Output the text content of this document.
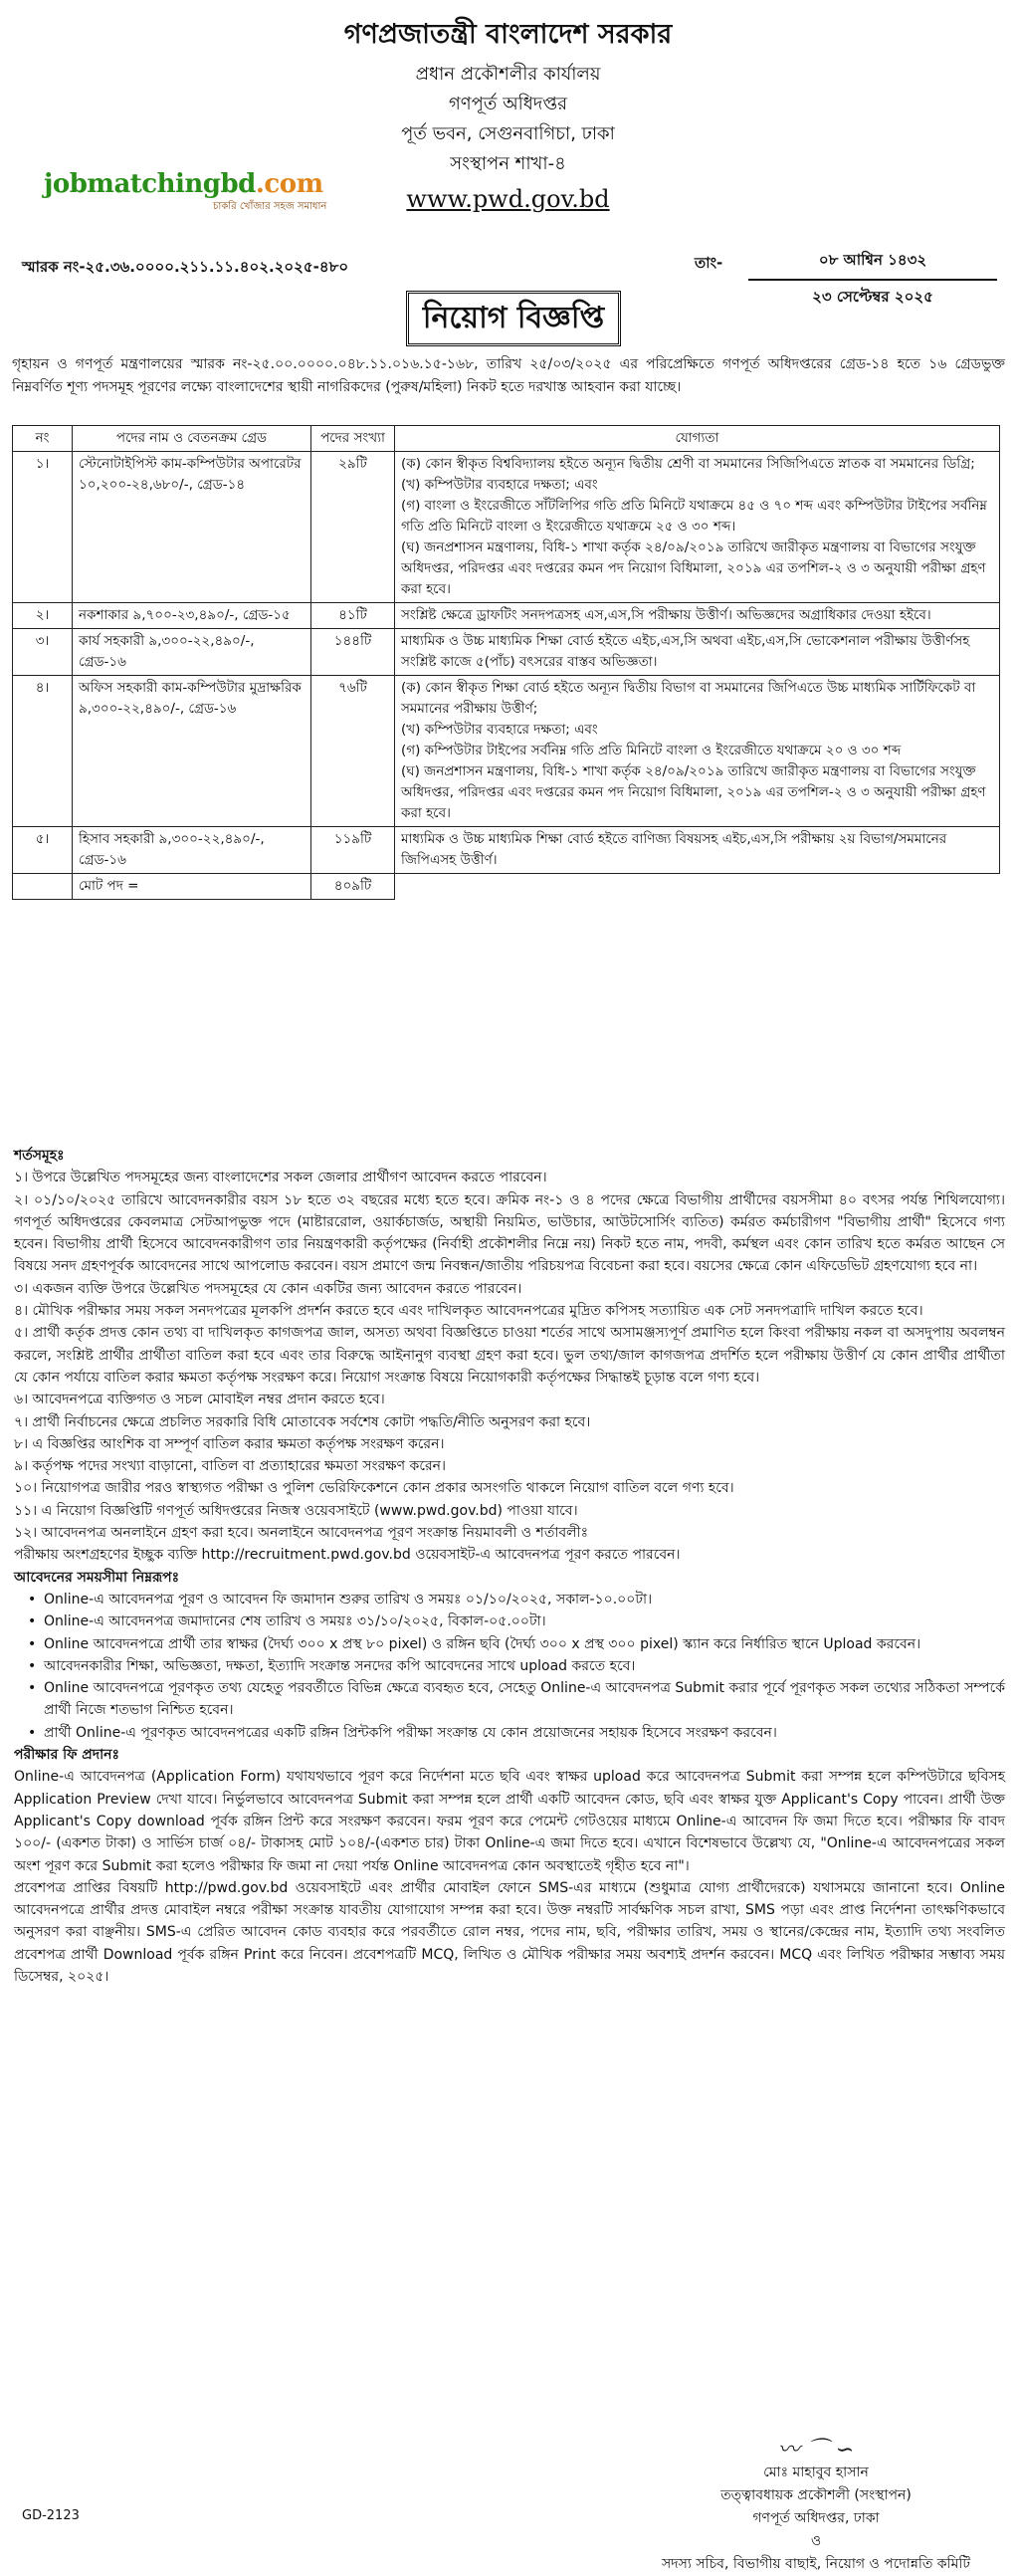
গণপ্রজাতন্ত্রী বাংলাদেশ সরকার
প্রধান প্রকৌশলীর কার্যালয়
গণপূর্ত অধিদপ্তর
পূর্ত ভবন, সেগুনবাগিচা, ঢাকা
সংস্থাপন শাখা-৪
www.pwd.gov.bd
jobmatchingbd.com
চাকরি খোঁজার সহজ সমাধান
স্মারক নং-২৫.৩৬.০০০০.২১১.১১.৪০২.২০২৫-৪৮০	তাং-	০৮ আশ্বিন ১৪৩২
২৩ সেপ্টেম্বর ২০২৫
নিয়োগ বিজ্ঞপ্তি
গৃহায়ন ও গণপূর্ত মন্ত্রণালয়ের স্মারক নং-২৫.০০.০০০০.০৪৮.১১.০১৬.১৫-১৬৮, তারিখ ২৫/০৩/২০২৫ এর পরিপ্রেক্ষিতে গণপূর্ত অধিদপ্তরের গ্রেড-১৪ হতে ১৬ গ্রেডভুক্ত নিম্নবর্ণিত শূণ্য পদসমূহ পূরণের লক্ষ্যে বাংলাদেশের স্থায়ী নাগরিকদের (পুরুষ/মহিলা) নিকট হতে দরখাস্ত আহবান করা যাচ্ছে।
নং	পদের নাম ও বেতনক্রম গ্রেড	পদের সংখ্যা	যোগ্যতা
১।	স্টেনোটাইপিস্ট কাম-কম্পিউটার অপারেটর ১০,২০০-২৪,৬৮০/-, গ্রেড-১৪	২৯টি	(ক) কোন স্বীকৃত বিশ্ববিদ্যালয় হইতে অন্যূন দ্বিতীয় শ্রেণী বা সমমানের সিজিপিএতে স্নাতক বা সমমানের ডিগ্রি;
(খ) কম্পিউটার ব্যবহারে দক্ষতা; এবং
(গ) বাংলা ও ইংরেজীতে সাঁটলিপির গতি প্রতি মিনিটে যথাক্রমে ৪৫ ও ৭০ শব্দ এবং কম্পিউটার টাইপের সর্বনিম্ন গতি প্রতি মিনিটে বাংলা ও ইংরেজীতে যথাক্রমে ২৫ ও ৩০ শব্দ।
(ঘ) জনপ্রশাসন মন্ত্রণালয়, বিধি-১ শাখা কর্তৃক ২৪/০৯/২০১৯ তারিখে জারীকৃত মন্ত্রণালয় বা বিভাগের সংযুক্ত অধিদপ্তর, পরিদপ্তর এবং দপ্তরের কমন পদ নিয়োগ বিধিমালা, ২০১৯ এর তপশিল-২ ও ৩ অনুযায়ী পরীক্ষা গ্রহণ করা হবে।

২।	নকশাকার ৯,৭০০-২৩,৪৯০/-, গ্রেড-১৫	৪১টি	সংশ্লিষ্ট ক্ষেত্রে ড্রাফটিং সনদপত্রসহ এস,এস,সি পরীক্ষায় উত্তীর্ণ। অভিজ্ঞদের অগ্রাধিকার দেওয়া হইবে।

৩।	কার্য সহকারী ৯,৩০০-২২,৪৯০/-, গ্রেড-১৬	১৪৪টি	মাধ্যমিক ও উচ্চ মাধ্যমিক শিক্ষা বোর্ড হইতে এইচ,এস,সি অথবা এইচ,এস,সি ভোকেশনাল পরীক্ষায় উত্তীর্ণসহ সংশ্লিষ্ট কাজে ৫(পাঁচ) বৎসরের বাস্তব অভিজ্ঞতা।

৪।	অফিস সহকারী কাম-কম্পিউটার মুদ্রাক্ষরিক ৯,৩০০-২২,৪৯০/-, গ্রেড-১৬	৭৬টি	(ক) কোন স্বীকৃত শিক্ষা বোর্ড হইতে অন্যূন দ্বিতীয় বিভাগ বা সমমানের জিপিএতে উচ্চ মাধ্যমিক সার্টিফিকেট বা সমমানের পরীক্ষায় উত্তীর্ণ;
(খ) কম্পিউটার ব্যবহারে দক্ষতা; এবং
(গ) কম্পিউটার টাইপের সর্বনিম্ন গতি প্রতি মিনিটে বাংলা ও ইংরেজীতে যথাক্রমে ২০ ও ৩০ শব্দ
(ঘ) জনপ্রশাসন মন্ত্রণালয়, বিধি-১ শাখা কর্তৃক ২৪/০৯/২০১৯ তারিখে জারীকৃত মন্ত্রণালয় বা বিভাগের সংযুক্ত অধিদপ্তর, পরিদপ্তর এবং দপ্তরের কমন পদ নিয়োগ বিধিমালা, ২০১৯ এর তপশিল-২ ও ৩ অনুযায়ী পরীক্ষা গ্রহণ করা হবে।

৫।	হিসাব সহকারী ৯,৩০০-২২,৪৯০/-, গ্রেড-১৬	১১৯টি	মাধ্যমিক ও উচ্চ মাধ্যমিক শিক্ষা বোর্ড হইতে বাণিজ্য বিষয়সহ এইচ,এস,সি পরীক্ষায় ২য় বিভাগ/সমমানের জিপিএসহ উত্তীর্ণ।

	মোট পদ =	৪০৯টি	

শর্তসমূহঃ

১। উপরে উল্লেখিত পদসমূহের জন্য বাংলাদেশের সকল জেলার প্রার্থীগণ আবেদন করতে পারবেন।

২। ০১/১০/২০২৫ তারিখে আবেদনকারীর বয়স ১৮ হতে ৩২ বছরের মধ্যে হতে হবে। ক্রমিক নং-১ ও ৪ পদের ক্ষেত্রে বিভাগীয় প্রার্থীদের বয়সসীমা ৪০ বৎসর পর্যন্ত শিথিলযোগ্য। গণপূর্ত অধিদপ্তরের কেবলমাত্র সেটআপভুক্ত পদে (মাষ্টাররোল, ওয়ার্কচার্জড, অস্থায়ী নিয়মিত, ভাউচার, আউটসোর্সিং ব্যতিত) কর্মরত কর্মচারীগণ "বিভাগীয় প্রার্থী" হিসেবে গণ্য হবেন। বিভাগীয় প্রার্থী হিসেবে আবেদনকারীগণ তার নিয়ন্ত্রণকারী কর্তৃপক্ষের (নির্বাহী প্রকৌশলীর নিম্নে নয়) নিকট হতে নাম, পদবী, কর্মস্থল এবং কোন তারিখ হতে কর্মরত আছেন সে বিষয়ে সনদ গ্রহণপূর্বক আবেদনের সাথে আপলোড করবেন। বয়স প্রমাণে জন্ম নিবন্ধন/জাতীয় পরিচয়পত্র বিবেচনা করা হবে। বয়সের ক্ষেত্রে কোন এফিডেভিট গ্রহণযোগ্য হবে না।

৩। একজন ব্যক্তি উপরে উল্লেখিত পদসমূহের যে কোন একটির জন্য আবেদন করতে পারবেন।

৪। মৌখিক পরীক্ষার সময় সকল সনদপত্রের মূলকপি প্রদর্শন করতে হবে এবং দাখিলকৃত আবেদনপত্রের মুদ্রিত কপিসহ সত্যায়িত এক সেট সনদপত্রাদি দাখিল করতে হবে।

৫। প্রার্থী কর্তৃক প্রদত্ত কোন তথ্য বা দাখিলকৃত কাগজপত্র জাল, অসত্য অথবা বিজ্ঞপ্তিতে চাওয়া শর্তের সাথে অসামঞ্জস্যপূর্ণ প্রমাণিত হলে কিংবা পরীক্ষায় নকল বা অসদুপায় অবলম্বন করলে, সংশ্লিষ্ট প্রার্থীর প্রার্থীতা বাতিল করা হবে এবং তার বিরুদ্ধে আইনানুগ ব্যবস্থা গ্রহণ করা হবে। ভুল তথ্য/জাল কাগজপত্র প্রদর্শিত হলে পরীক্ষায় উত্তীর্ণ যে কোন প্রার্থীর প্রার্থীতা যে কোন পর্যায়ে বাতিল করার ক্ষমতা কর্তৃপক্ষ সংরক্ষণ করে। নিয়োগ সংক্রান্ত বিষয়ে নিয়োগকারী কর্তৃপক্ষের সিদ্ধান্তই চূড়ান্ত বলে গণ্য হবে।

৬। আবেদনপত্রে ব্যক্তিগত ও সচল মোবাইল নম্বর প্রদান করতে হবে।

৭। প্রার্থী নির্বাচনের ক্ষেত্রে প্রচলিত সরকারি বিধি মোতাবেক সর্বশেষ কোটা পদ্ধতি/নীতি অনুসরণ করা হবে।

৮। এ বিজ্ঞপ্তির আংশিক বা সম্পূর্ণ বাতিল করার ক্ষমতা কর্তৃপক্ষ সংরক্ষণ করেন।

৯। কর্তৃপক্ষ পদের সংখ্যা বাড়ানো, বাতিল বা প্রত্যাহারের ক্ষমতা সংরক্ষণ করেন।

১০। নিয়োগপত্র জারীর পরও স্বাস্থ্যগত পরীক্ষা ও পুলিশ ভেরিফিকেশনে কোন প্রকার অসংগতি থাকলে নিয়োগ বাতিল বলে গণ্য হবে।

১১। এ নিয়োগ বিজ্ঞপ্তিটি গণপূর্ত অধিদপ্তরের নিজস্ব ওয়েবসাইটে (www.pwd.gov.bd) পাওয়া যাবে।

১২। আবেদনপত্র অনলাইনে গ্রহণ করা হবে। অনলাইনে আবেদনপত্র পূরণ সংক্রান্ত নিয়মাবলী ও শর্তাবলীঃ

পরীক্ষায় অংশগ্রহণের ইচ্ছুক ব্যক্তি http://recruitment.pwd.gov.bd ওয়েবসাইট-এ আবেদনপত্র পূরণ করতে পারবেন।

আবেদনের সময়সীমা নিম্নরূপঃ

• Online-এ আবেদনপত্র পূরণ ও আবেদন ফি জমাদান শুরুর তারিখ ও সময়ঃ ০১/১০/২০২৫, সকাল-১০.০০টা।

• Online-এ আবেদনপত্র জমাদানের শেষ তারিখ ও সময়ঃ ৩১/১০/২০২৫, বিকাল-০৫.০০টা।

• Online আবেদনপত্রে প্রার্থী তার স্বাক্ষর (দৈর্ঘ্য ৩০০ x প্রস্থ ৮০ pixel) ও রঙ্গিন ছবি (দৈর্ঘ্য ৩০০ x প্রস্থ ৩০০ pixel) স্ক্যান করে নির্ধারিত স্থানে Upload করবেন।

• আবেদনকারীর শিক্ষা, অভিজ্ঞতা, দক্ষতা, ইত্যাদি সংক্রান্ত সনদের কপি আবেদনের সাথে upload করতে হবে।

• Online আবেদনপত্রে পূরণকৃত তথ্য যেহেতু পরবর্তীতে বিভিন্ন ক্ষেত্রে ব্যবহৃত হবে, সেহেতু Online-এ আবেদনপত্র Submit করার পূর্বে পূরণকৃত সকল তথ্যের সঠিকতা সম্পর্কে প্রার্থী নিজে শতভাগ নিশ্চিত হবেন।

• প্রার্থী Online-এ পূরণকৃত আবেদনপত্রের একটি রঙ্গিন প্রিন্টকপি পরীক্ষা সংক্রান্ত যে কোন প্রয়োজনের সহায়ক হিসেবে সংরক্ষণ করবেন।

পরীক্ষার ফি প্রদানঃ

Online-এ আবেদনপত্র (Application Form) যথাযথভাবে পূরণ করে নির্দেশনা মতে ছবি এবং স্বাক্ষর upload করে আবেদনপত্র Submit করা সম্পন্ন হলে কম্পিউটারে ছবিসহ Application Preview দেখা যাবে। নির্ভুলভাবে আবেদনপত্র Submit করা সম্পন্ন হলে প্রার্থী একটি আবেদন কোড, ছবি এবং স্বাক্ষর যুক্ত Applicant's Copy পাবেন। প্রার্থী উক্ত Applicant's Copy download পূর্বক রঙ্গিন প্রিন্ট করে সংরক্ষণ করবেন। ফরম পূরণ করে পেমেন্ট গেটওয়ের মাধ্যমে Online-এ আবেদন ফি জমা দিতে হবে। পরীক্ষার ফি বাবদ ১০০/- (একশত টাকা) ও সার্ভিস চার্জ ০৪/- টাকাসহ মোট ১০৪/-(একশত চার) টাকা Online-এ জমা দিতে হবে। এখানে বিশেষভাবে উল্লেখ্য যে, "Online-এ আবেদনপত্রের সকল অংশ পূরণ করে Submit করা হলেও পরীক্ষার ফি জমা না দেয়া পর্যন্ত Online আবেদনপত্র কোন অবস্থাতেই গৃহীত হবে না"।

প্রবেশপত্র প্রাপ্তির বিষয়টি http://pwd.gov.bd ওয়েবসাইটে এবং প্রার্থীর মোবাইল ফোনে SMS-এর মাধ্যমে (শুধুমাত্র যোগ্য প্রার্থীদেরকে) যথাসময়ে জানানো হবে। Online আবেদনপত্রে প্রার্থীর প্রদত্ত মোবাইল নম্বরে পরীক্ষা সংক্রান্ত যাবতীয় যোগাযোগ সম্পন্ন করা হবে। উক্ত নম্বরটি সার্বক্ষণিক সচল রাখা, SMS পড়া এবং প্রাপ্ত নির্দেশনা তাৎক্ষণিকভাবে অনুসরণ করা বাঞ্ছনীয়। SMS-এ প্রেরিত আবেদন কোড ব্যবহার করে পরবর্তীতে রোল নম্বর, পদের নাম, ছবি, পরীক্ষার তারিখ, সময় ও স্থানের/কেন্দ্রের নাম, ইত্যাদি তথ্য সংবলিত প্রবেশপত্র প্রার্থী Download পূর্বক রঙ্গিন Print করে নিবেন। প্রবেশপত্রটি MCQ, লিখিত ও মৌখিক পরীক্ষার সময় অবশ্যই প্রদর্শন করবেন। MCQ এবং লিখিত পরীক্ষার সম্ভাব্য সময় ডিসেম্বর, ২০২৫।

〰︎ ⌒ ∽
মোঃ মাহাবুব হাসান
তত্ত্বাবধায়ক প্রকৌশলী (সংস্থাপন)
গণপূর্ত অধিদপ্তর, ঢাকা
ও
সদস্য সচিব, বিভাগীয় বাছাই, নিয়োগ ও পদোন্নতি কমিটি
GD-2123
